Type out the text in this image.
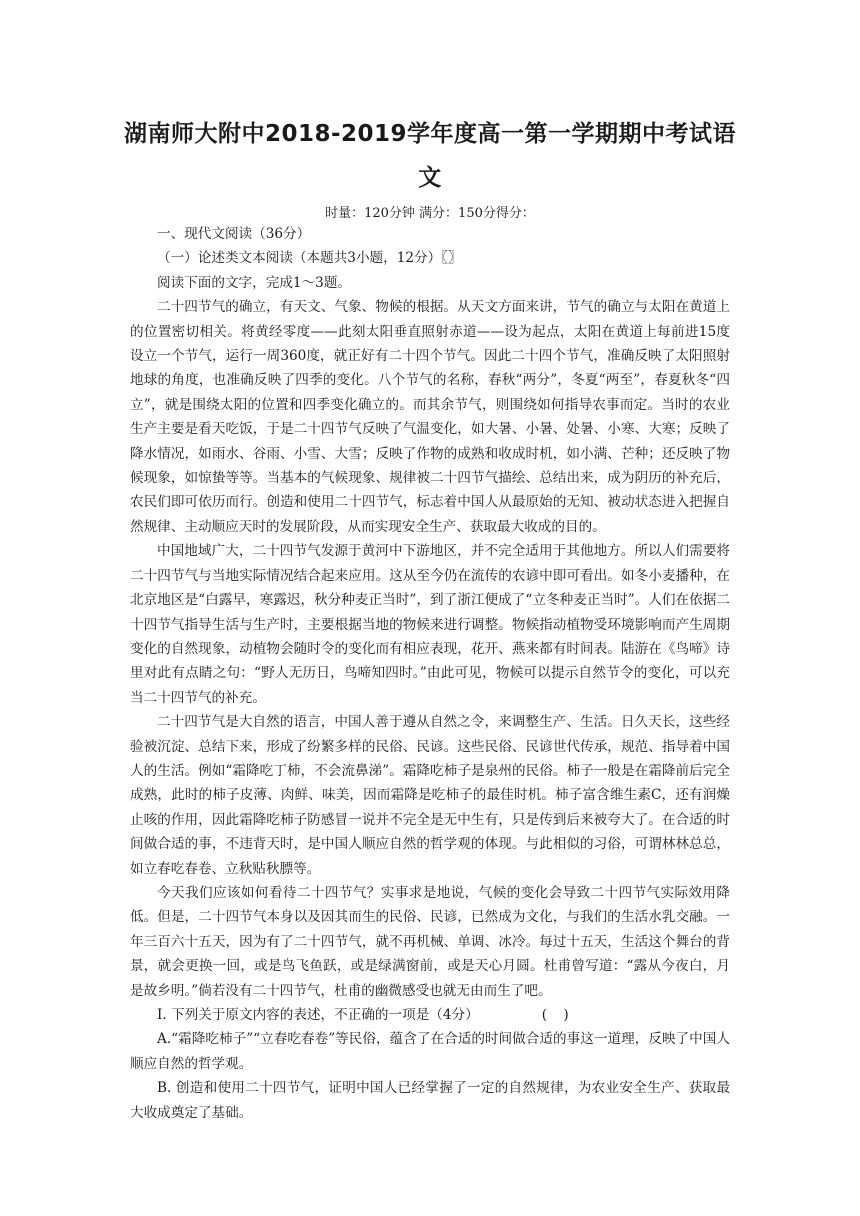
湖南师大附中2018-2019学年度高一第一学期期中考试语
文
时量：120分钟 满分：150分得分：

一、现代文阅读（36分）

（一）论述类文本阅读（本题共3小题，12分）〖〗

阅读下面的文字，完成1～3题。

二十四节气的确立，有天文、气象、物候的根据。从天文方面来讲，节气的确立与太阳在黄道上的位置密切相关。将黄经零度——此刻太阳垂直照射赤道——设为起点，太阳在黄道上每前进15度设立一个节气，运行一周360度，就正好有二十四个节气。因此二十四个节气，准确反映了太阳照射地球的角度，也准确反映了四季的变化。八个节气的名称，春秋“两分”，冬夏“两至”，春夏秋冬“四立”，就是围绕太阳的位置和四季变化确立的。而其余节气，则围绕如何指导农事而定。当时的农业生产主要是看天吃饭，于是二十四节气反映了气温变化，如大暑、小暑、处暑、小寒、大寒；反映了降水情况，如雨水、谷雨、小雪、大雪；反映了作物的成熟和收成时机，如小满、芒种；还反映了物候现象，如惊蛰等等。当基本的气候现象、规律被二十四节气描绘、总结出来，成为阴历的补充后，农民们即可依历而行。创造和使用二十四节气，标志着中国人从最原始的无知、被动状态进入把握自然规律、主动顺应天时的发展阶段，从而实现安全生产、获取最大收成的目的。

中国地域广大，二十四节气发源于黄河中下游地区，并不完全适用于其他地方。所以人们需要将二十四节气与当地实际情况结合起来应用。这从至今仍在流传的农谚中即可看出。如冬小麦播种，在北京地区是“白露早，寒露迟，秋分种麦正当时”，到了浙江便成了“立冬种麦正当时”。人们在依据二十四节气指导生活与生产时，主要根据当地的物候来进行调整。物候指动植物受环境影响而产生周期变化的自然现象，动植物会随时令的变化而有相应表现，花开、燕来都有时间表。陆游在《鸟啼》诗里对此有点睛之句：“野人无历日，鸟啼知四时。”由此可见，物候可以提示自然节令的变化，可以充当二十四节气的补充。

二十四节气是大自然的语言，中国人善于遵从自然之令，来调整生产、生活。日久天长，这些经验被沉淀、总结下来，形成了纷繁多样的民俗、民谚。这些民俗、民谚世代传承，规范、指导着中国人的生活。例如“霜降吃丁柿，不会流鼻涕”。霜降吃柿子是泉州的民俗。柿子一般是在霜降前后完全成熟，此时的柿子皮薄、肉鲜、味美，因而霜降是吃柿子的最佳时机。柿子富含维生素C，还有润燥止咳的作用，因此霜降吃柿子防感冒一说并不完全是无中生有，只是传到后来被夸大了。在合适的时间做合适的事，不违背天时，是中国人顺应自然的哲学观的体现。与此相似的习俗，可谓林林总总，如立春吃春卷、立秋贴秋膘等。

今天我们应该如何看待二十四节气？实事求是地说，气候的变化会导致二十四节气实际效用降低。但是，二十四节气本身以及因其而生的民俗、民谚，已然成为文化，与我们的生活水乳交融。一年三百六十五天，因为有了二十四节气，就不再机械、单调、冰冷。每过十五天，生活这个舞台的背景，就会更换一回，或是鸟飞鱼跃，或是绿满窗前，或是天心月圆。杜甫曾写道：“露从今夜白，月是故乡明。”倘若没有二十四节气，杜甫的幽微感受也就无由而生了吧。

I. 下列关于原文内容的表述，不正确的一项是（4分）	( )

A.“霜降吃柿子”“立春吃春卷”等民俗，蕴含了在合适的时间做合适的事这一道理，反映了中国人顺应自然的哲学观。

B. 创造和使用二十四节气，证明中国人已经掌握了一定的自然规律，为农业安全生产、获取最大收成奠定了基础。
